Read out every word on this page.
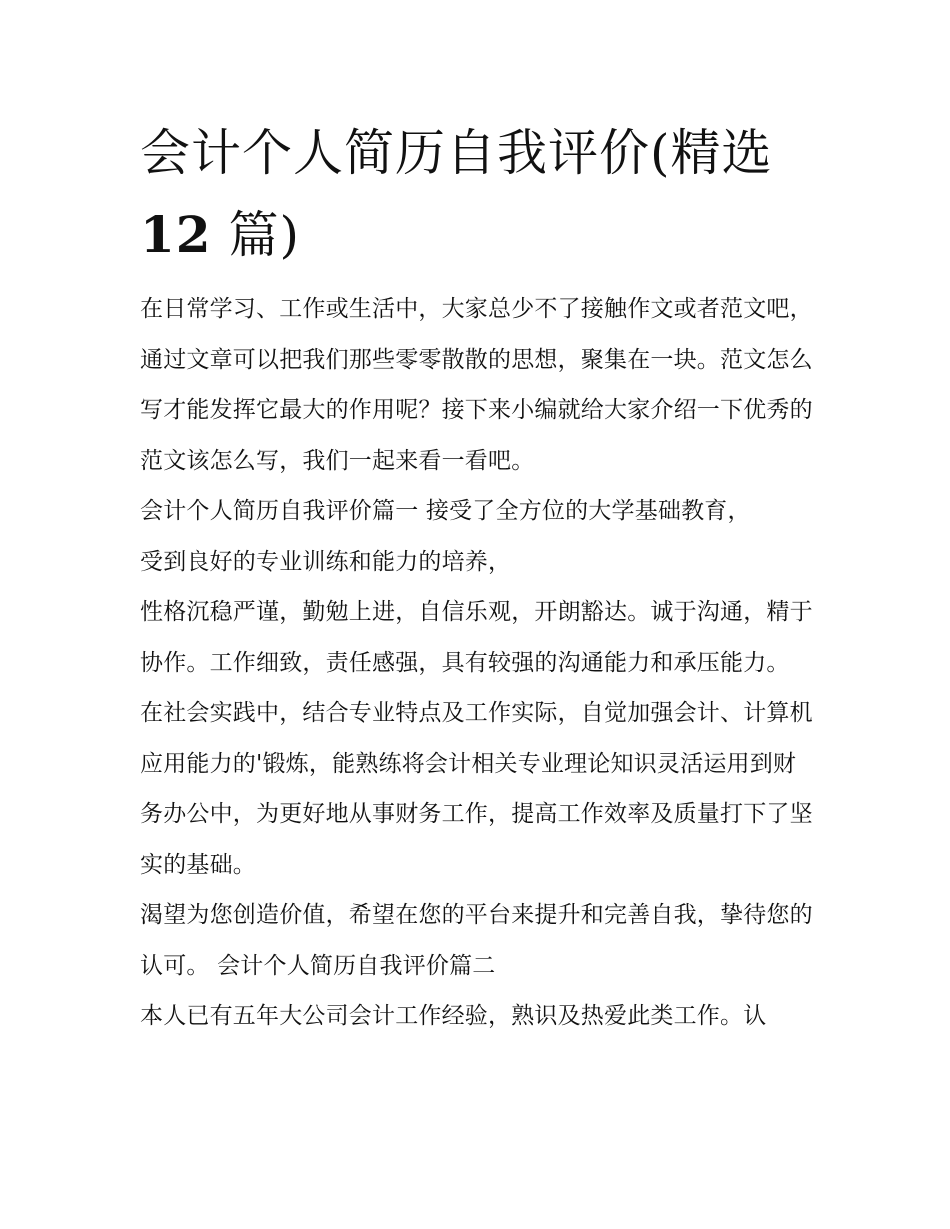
会计个人简历自我评价(精选
12 篇)

在日常学习、工作或生活中，大家总少不了接触作文或者范文吧，通过文章可以把我们那些零零散散的思想，聚集在一块。范文怎么写才能发挥它最大的作用呢？接下来小编就给大家介绍一下优秀的范文该怎么写，我们一起来看一看吧。

会计个人简历自我评价篇一 接受了全方位的大学基础教育，

受到良好的专业训练和能力的培养，

性格沉稳严谨，勤勉上进，自信乐观，开朗豁达。诚于沟通，精于协作。工作细致，责任感强，具有较强的沟通能力和承压能力。

在社会实践中，结合专业特点及工作实际，自觉加强会计、计算机应用能力的'锻炼，能熟练将会计相关专业理论知识灵活运用到财务办公中，为更好地从事财务工作，提高工作效率及质量打下了坚实的基础。

渴望为您创造价值，希望在您的平台来提升和完善自我，挚待您的认可。 会计个人简历自我评价篇二

本人已有五年大公司会计工作经验，熟识及热爱此类工作。认
